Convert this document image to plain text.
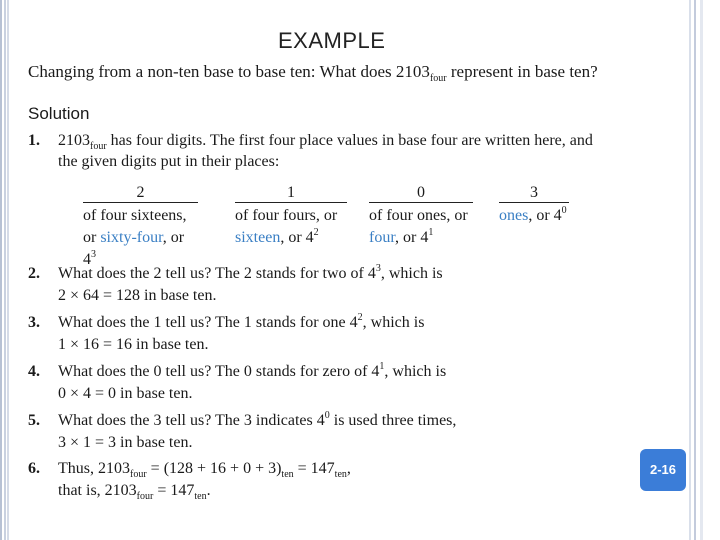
EXAMPLE
Changing from a non-ten base to base ten: What does $2103_{four}$ represent in base ten?
Solution
1. $2103_{four}$ has four digits. The first four place values in base four are written here, and
the given digits put in their places:
2
of four sixteens,
or sixty-four, or $4^3$
1
of four fours, or
sixteen, or $4^2$
0
of four ones, or
four, or $4^1$
3
ones, or $4^0$
2. What does the 2 tell us? The 2 stands for two of $4^3$, which is
2 × 64 = 128 in base ten.
3. What does the 1 tell us? The 1 stands for one $4^2$, which is
1 × 16 = 16 in base ten.
4. What does the 0 tell us? The 0 stands for zero of $4^1$, which is
0 × 4 = 0 in base ten.
5. What does the 3 tell us? The 3 indicates $4^0$ is used three times,
3 × 1 = 3 in base ten.
6. Thus, $2103_{four} = (128 + 16 + 0 + 3)_{ten} = 147_{ten}$,
that is, $2103_{four} = 147_{ten}$.
2-16
